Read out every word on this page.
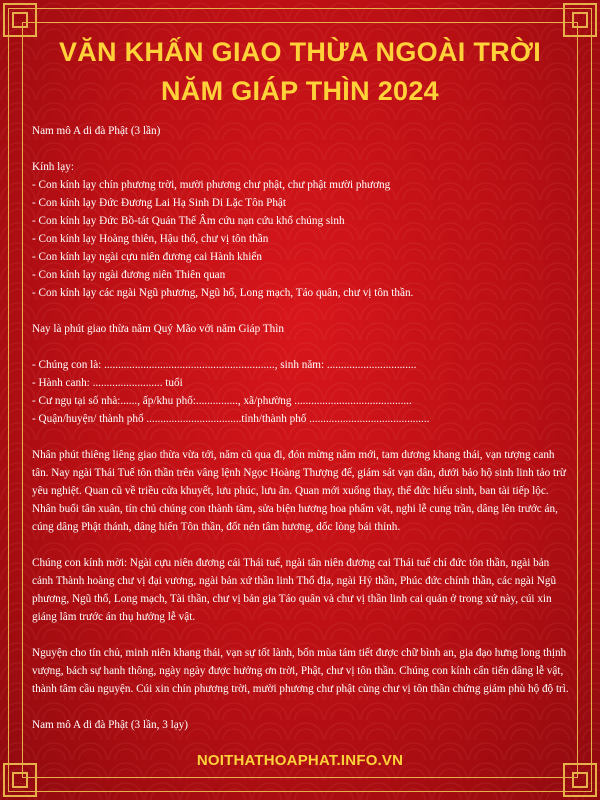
VĂN KHẤN GIAO THỪA NGOÀI TRỜI
NĂM GIÁP THÌN 2024

Nam mô A di đà Phật (3 lần)

Kính lạy:

- Con kính lạy chín phương trời, mười phương chư phật, chư phật mười phương

- Con kính lạy Đức Đương Lai Hạ Sinh Di Lặc Tôn Phật

- Con kính lạy Đức Bồ-tát Quán Thế Âm cứu nạn cứu khổ chúng sinh

- Con kính lạy Hoàng thiên, Hậu thổ, chư vị tôn thần

- Con kính lạy ngài cựu niên đương cai Hành khiển

- Con kính lạy ngài đương niên Thiên quan

- Con kính lạy các ngài Ngũ phương, Ngũ hổ, Long mạch, Táo quân, chư vị tôn thần.

Nay là phút giao thừa năm Quý Mão với năm Giáp Thìn

- Chúng con là: ............................................................., sinh năm: ................................

- Hành canh: ......................... tuổi

- Cư ngụ tại số nhà:......, ấp/khu phố:..............., xã/phường ..........................................

- Quận/huyện/ thành phố ..................................tỉnh/thành phố ...........................................

Nhân phút thiêng liêng giao thừa vừa tới, năm cũ qua đi, đón mừng năm mới, tam dương khang thái, vạn tượng canh tân. Nay ngài Thái Tuế tôn thần trên vâng lệnh Ngọc Hoàng Thượng đế, giám sát vạn dân, dưới bảo hộ sinh linh tảo trừ yêu nghiệt. Quan cũ về triều cửa khuyết, lưu phúc, lưu ân. Quan mới xuống thay, thể đức hiếu sinh, ban tài tiếp lộc. Nhân buổi tân xuân, tín chủ chúng con thành tâm, sửa biện hương hoa phẩm vật, nghi lễ cung trần, dâng lên trước án, cúng dâng Phật thánh, dâng hiến Tôn thần, đốt nén tâm hương, dốc lòng bái thỉnh.

Chúng con kính mời: Ngài cựu niên đương cái Thái tuế, ngài tân niên đương cai Thái tuế chí đức tôn thần, ngài bản cảnh Thành hoàng chư vị đại vương, ngài bản xứ thần linh Thổ địa, ngài Hỷ thần, Phúc đức chính thần, các ngài Ngũ phương, Ngũ thổ, Long mạch, Tài thần, chư vị bản gia Táo quân và chư vị thần linh cai quản ở trong xứ này, cúi xin giáng lâm trước án thụ hưởng lễ vật.

Nguyện cho tín chủ, minh niên khang thái, vạn sự tốt lành, bốn mùa tám tiết được chữ bình an, gia đạo hưng long thịnh vượng, bách sự hanh thông, ngày ngày được hưởng ơn trời, Phật, chư vị tôn thần. Chúng con kính cẩn tiến dâng lễ vật, thành tâm cầu nguyện. Cúi xin chín phương trời, mười phương chư phật cùng chư vị tôn thần chứng giám phù hộ độ trì.

Nam mô A di đà Phật (3 lần, 3 lạy)

NOITHATHOAPHAT.INFO.VN
